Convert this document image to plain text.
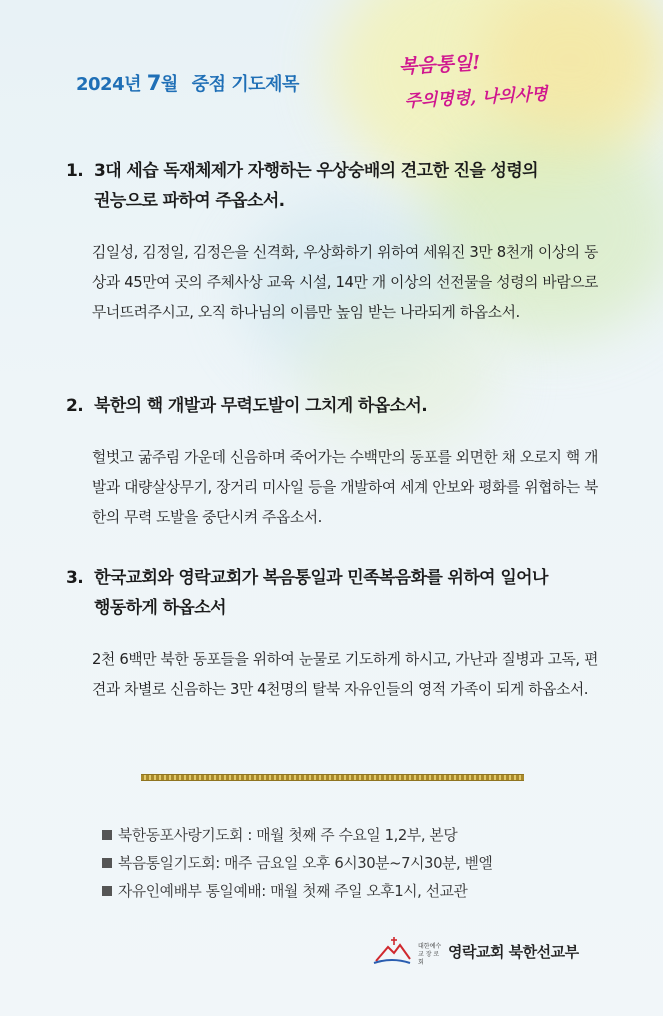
2024년 7월 중점 기도제목
복음통일!
주의명령, 나의사명

1. 3대 세습 독재체제가 자행하는 우상숭배의 견고한 진을 성령의
권능으로 파하여 주옵소서.

김일성, 김정일, 김정은을 신격화, 우상화하기 위하여 세워진 3만 8천개 이상의 동상과 45만여 곳의 주체사상 교육 시설, 14만 개 이상의 선전물을 성령의 바람으로 무너뜨려주시고, 오직 하나님의 이름만 높임 받는 나라되게 하옵소서.

2. 북한의 핵 개발과 무력도발이 그치게 하옵소서.

헐벗고 굶주림 가운데 신음하며 죽어가는 수백만의 동포를 외면한 채 오로지 핵 개발과 대량살상무기, 장거리 미사일 등을 개발하여 세계 안보와 평화를 위협하는 북한의 무력 도발을 중단시켜 주옵소서.

3. 한국교회와 영락교회가 복음통일과 민족복음화를 위하여 일어나
행동하게 하옵소서

2천 6백만 북한 동포들을 위하여 눈물로 기도하게 하시고, 가난과 질병과 고독, 편견과 차별로 신음하는 3만 4천명의 탈북 자유인들의 영적 가족이 되게 하옵소서.

북한동포사랑기도회 : 매월 첫째 주 수요일 1,2부, 본당
복음통일기도회: 매주 금요일 오후 6시30분~7시30분, 벧엘
자유인예배부 통일예배: 매월 첫째 주일 오후1시, 선교관
대한예수교 장 로 회
영락교회 북한선교부
